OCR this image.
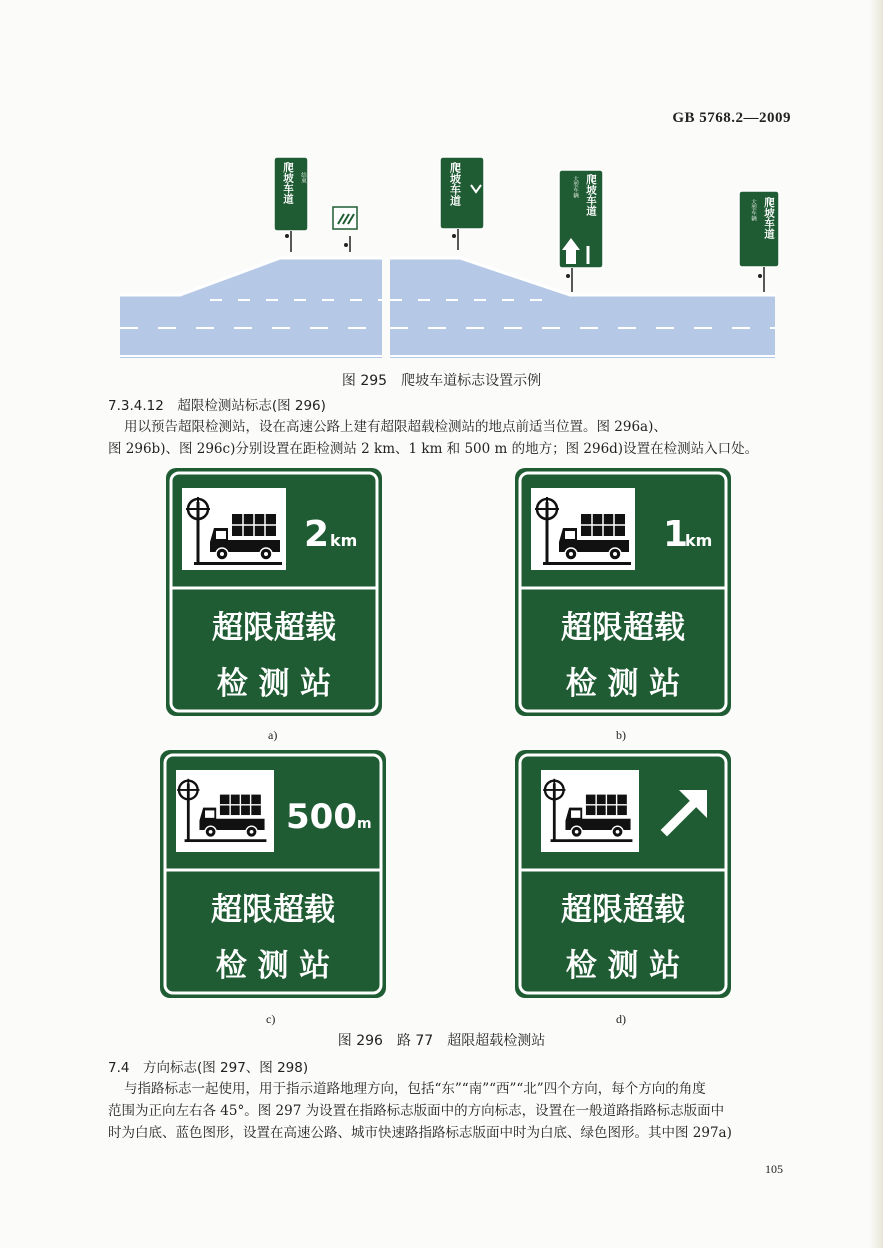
GB 5768.2—2009
爬坡车道 结束	爬坡车道	爬坡车道
大型车辆
爬坡车道
大型车辆
图 295　爬坡车道标志设置示例
7.3.4.12　超限检测站标志(图 296)
用以预告超限检测站，设在高速公路上建有超限超载检测站的地点前适当位置。图 296a)、
图 296b)、图 296c)分别设置在距检测站 2 km、1 km 和 500 m 的地方；图 296d)设置在检测站入口处。
2 km
超限超载
检 测 站
1
km
超限超载
检 测 站
500 m
超限超载
检 测 站
超限超载
检 测 站
a)	b)
c)	d)
图 296　路 77　超限超载检测站
7.4　方向标志(图 297、图 298)
与指路标志一起使用，用于指示道路地理方向，包括“东”“南”“西”“北”四个方向，每个方向的角度
范围为正向左右各 45°。图 297 为设置在指路标志版面中的方向标志，设置在一般道路指路标志版面中
时为白底、蓝色图形，设置在高速公路、城市快速路指路标志版面中时为白底、绿色图形。其中图 297a)
105
